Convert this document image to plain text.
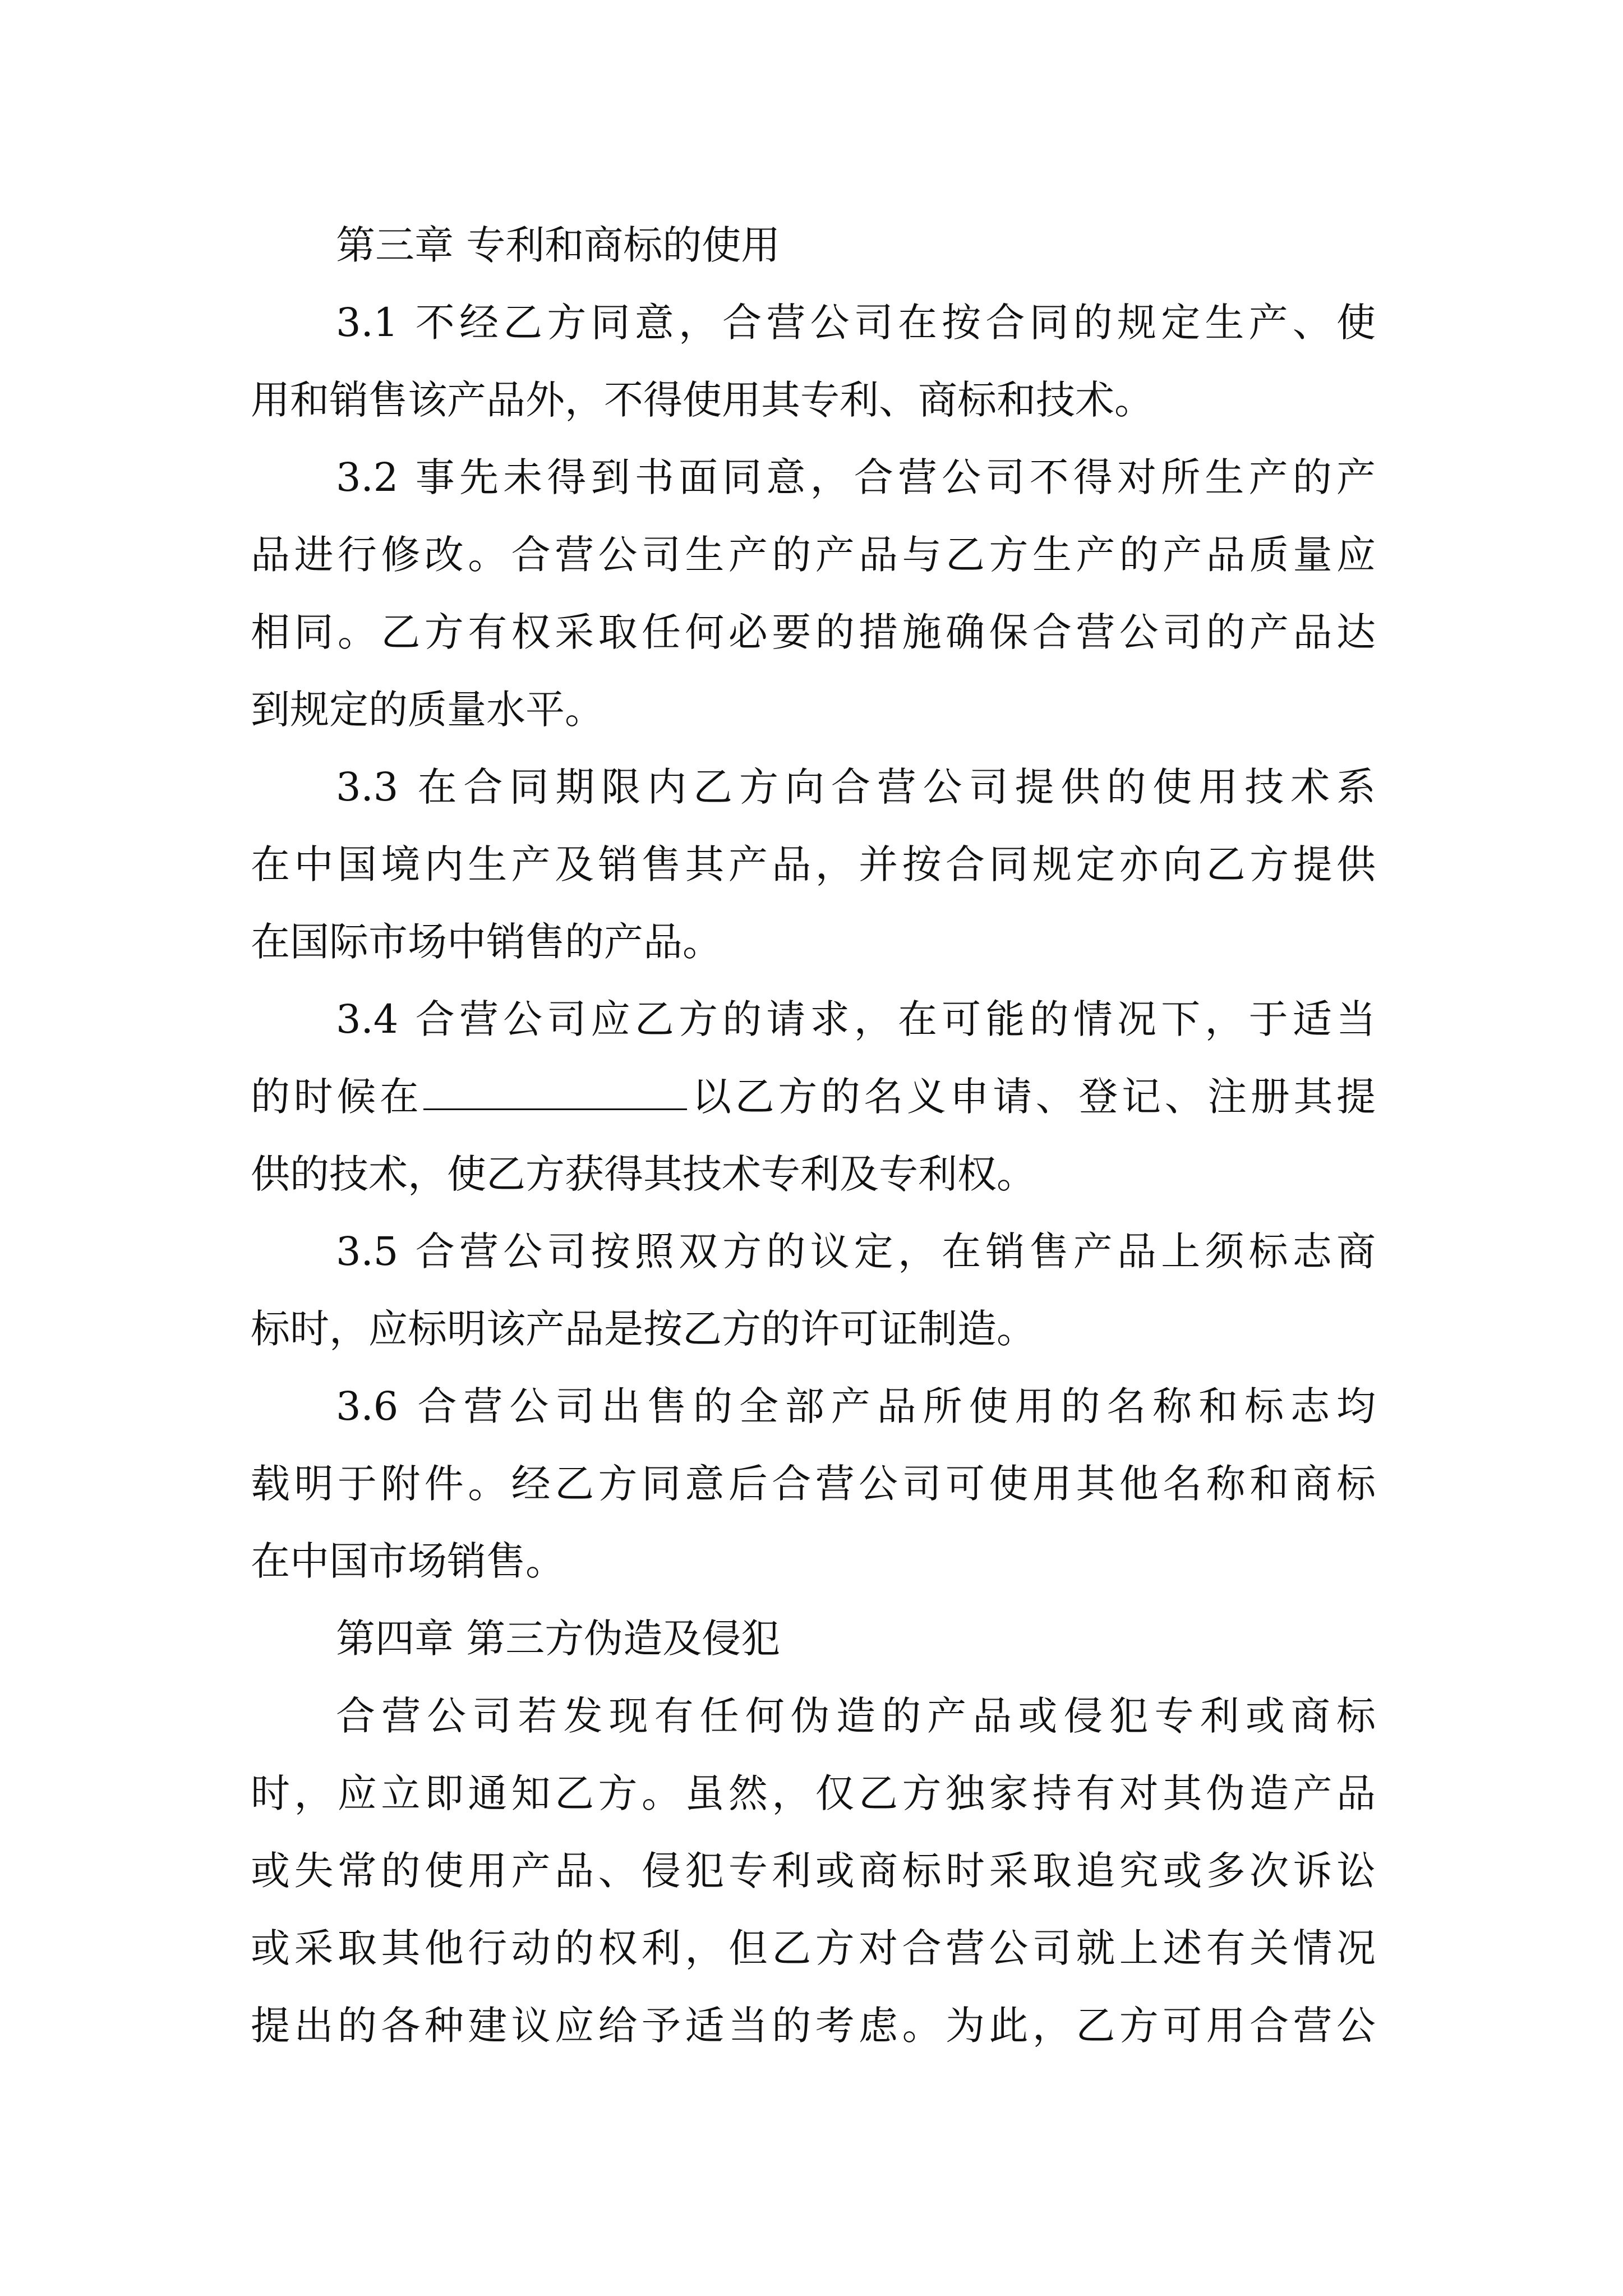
第三章 专利和商标的使用
3.1 不经乙方同意，合营公司在按合同的规定生产、使
用和销售该产品外，不得使用其专利、商标和技术。
3.2 事先未得到书面同意，合营公司不得对所生产的产
品进行修改。合营公司生产的产品与乙方生产的产品质量应
相同。乙方有权采取任何必要的措施确保合营公司的产品达
到规定的质量水平。
3.3 在合同期限内乙方向合营公司提供的使用技术系
在中国境内生产及销售其产品，并按合同规定亦向乙方提供
在国际市场中销售的产品。
3.4 合营公司应乙方的请求，在可能的情况下，于适当
的时候在	以乙方的名义申请、登记、注册其提
供的技术，使乙方获得其技术专利及专利权。
3.5 合营公司按照双方的议定，在销售产品上须标志商
标时，应标明该产品是按乙方的许可证制造。
3.6 合营公司出售的全部产品所使用的名称和标志均
载明于附件。经乙方同意后合营公司可使用其他名称和商标
在中国市场销售。
第四章 第三方伪造及侵犯
合营公司若发现有任何伪造的产品或侵犯专利或商标
时，应立即通知乙方。虽然，仅乙方独家持有对其伪造产品
或失常的使用产品、侵犯专利或商标时采取追究或多次诉讼
或采取其他行动的权利，但乙方对合营公司就上述有关情况
提出的各种建议应给予适当的考虑。为此，乙方可用合营公
